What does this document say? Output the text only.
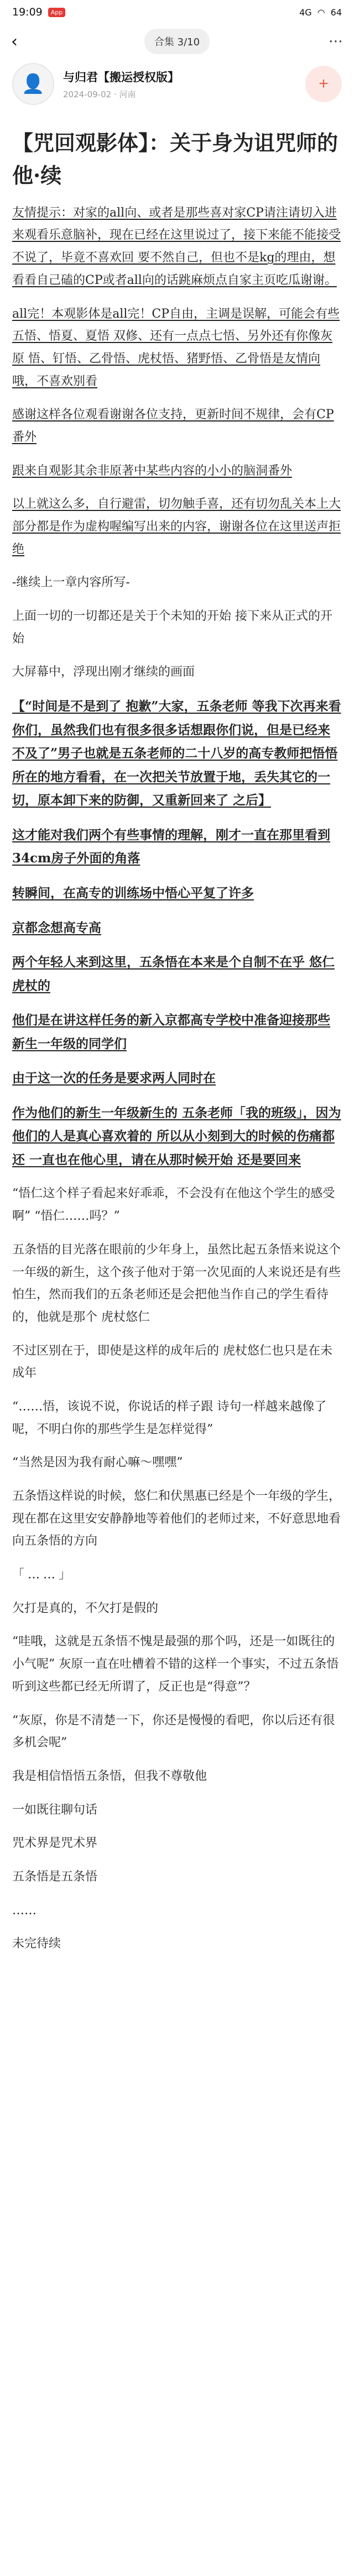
19:09	App	4G ◠ 64
‹	合集 3/10	⋯
👤	与归君【搬运授权版】
2024-09-02 · 河南
+
【咒回观影体】：关于身为诅咒师的他·续

友情提示：对家的all向、或者是那些喜对家CP请注请切入进来观看乐意脑补，现在已经在这里说过了，接下来能不能接受不说了，毕竟不喜欢回 要不然自己，但也不是kg的理由，想看看自己磕的CP或者all向的话跳麻烦点自家主页吃瓜谢谢。

all完！本观影体是all完！CP自由，主调是误解，可能会有些五悟、悟夏、夏悟 双修、还有一点点七悟、另外还有你像灰原 悟、钉悟、乙骨悟、虎杖悟、猪野悟、乙骨悟是友情向哦，不喜欢别看

感谢这样各位观看谢谢各位支持，更新时间不规律，会有CP番外

跟来自观影其余非原著中某些内容的小小的脑洞番外

以上就这么多，自行避雷，切勿触手喜，还有切勿乱关本上大部分都是作为虚构喔编写出来的内容，谢谢各位在这里送声拒绝

-继续上一章内容所写-

上面一切的一切都还是关于个未知的开始 接下来从正式的开始

大屏幕中，浮现出刚才继续的画面

【“时间是不是到了 抱歉”大家，五条老师 等我下次再来看你们，虽然我们也有很多很多话想跟你们说，但是已经来不及了”男子也就是五条老师的二十八岁的高专教师把悟悟所在的地方看看，在一次把关节放置于地，丢失其它的一切，原本卸下来的防御，又重新回来了 之后】

这才能对我们两个有些事情的理解，刚才一直在那里看到34cm房子外面的角落

转瞬间，在高专的训练场中悟心平复了许多

京都念想高专高

两个年轻人来到这里，五条悟在本来是个自制不在乎 悠仁虎杖的

他们是在讲这样任务的新入京都高专学校中准备迎接那些新生一年级的同学们

由于这一次的任务是要求两人同时在

作为他们的新生一年级新生的 五条老师「我的班级」，因为他们的人是真心喜欢着的 所以从小刻到大的时候的伤痛都还 一直也在他心里，请在从那时候开始 还是要回来

“悟仁这个样子看起来好乖乖，不会没有在他这个学生的感受啊” “悟仁……吗？”

五条悟的目光落在眼前的少年身上，虽然比起五条悟来说这个一年级的新生，这个孩子他对于第一次见面的人来说还是有些怕生，然而我们的五条老师还是会把他当作自己的学生看待的，他就是那个 虎杖悠仁

不过区别在于，即使是这样的成年后的 虎杖悠仁也只是在未成年

“……悟，该说不说，你说话的样子跟 诗句一样越来越像了呢，不明白你的那些学生是怎样觉得”

“当然是因为我有耐心嘛～嘿嘿”

五条悟这样说的时候，悠仁和伏黑惠已经是个一年级的学生，现在都在这里安安静静地等着他们的老师过来，不好意思地看向五条悟的方向

「……」

欠打是真的，不欠打是假的

“哇哦，这就是五条悟不愧是最强的那个吗，还是一如既往的小气呢” 灰原一直在吐槽着不错的这样一个事实，不过五条悟听到这些都已经无所谓了，反正也是“得意”？

“灰原，你是不清楚一下，你还是慢慢的看吧，你以后还有很多机会呢”

我是相信悟悟五条悟，但我不尊敬他

一如既往聊句话

咒术界是咒术界

五条悟是五条悟

……

未完待续
